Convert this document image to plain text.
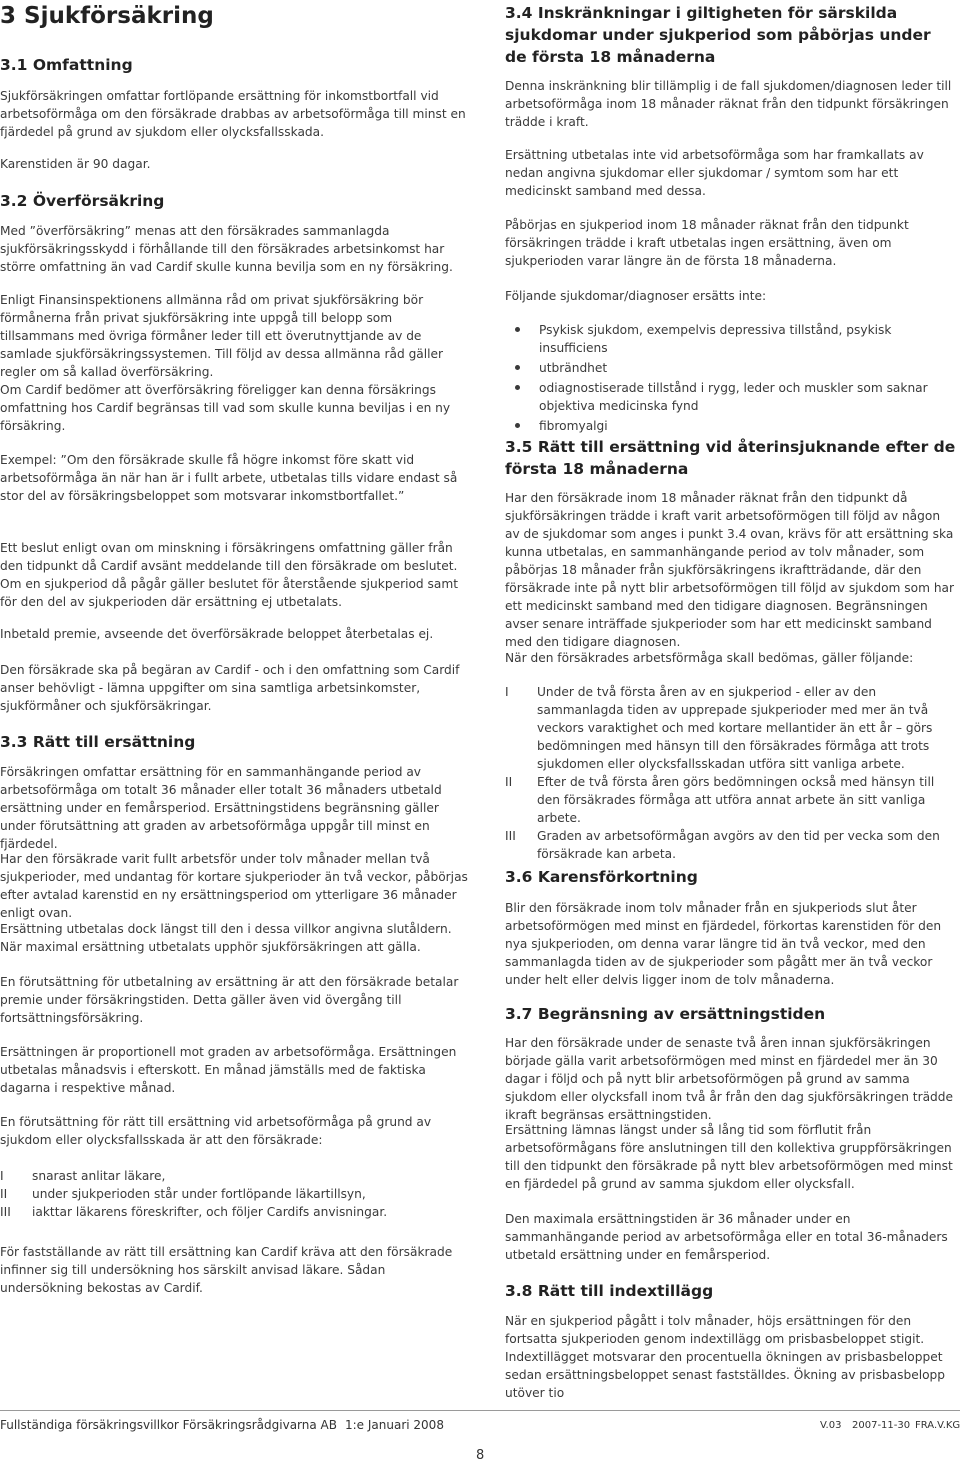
3 Sjukförsäkring
3.1 Omfattning

Sjukförsäkringen omfattar fortlöpande ersättning för inkomstbortfall vid arbetsoförmåga om den försäkrade drabbas av arbetsoförmåga till minst en fjärdedel på grund av sjukdom eller olycksfallsskada.

Karenstiden är 90 dagar.

3.2 Överförsäkring

Med ”överförsäkring” menas att den försäkrades sammanlagda sjukförsäkringsskydd i förhållande till den försäkrades arbetsinkomst har större omfattning än vad Cardif skulle kunna bevilja som en ny försäkring.

Enligt Finansinspektionens allmänna råd om privat sjukförsäkring bör förmånerna från privat sjukförsäkring inte uppgå till belopp som tillsammans med övriga förmåner leder till ett överutnyttjande av de samlade sjukförsäkringssystemen. Till följd av dessa allmänna råd gäller regler om så kallad överförsäkring.

Om Cardif bedömer att överförsäkring föreligger kan denna försäkrings omfattning hos Cardif begränsas till vad som skulle kunna beviljas i en ny försäkring.

Exempel: ”Om den försäkrade skulle få högre inkomst före skatt vid arbetsoförmåga än när han är i fullt arbete, utbetalas tills vidare endast så stor del av försäkringsbeloppet som motsvarar inkomstbortfallet.”

Ett beslut enligt ovan om minskning i försäkringens omfattning gäller från den tidpunkt då Cardif avsänt meddelande till den försäkrade om beslutet. Om en sjukperiod då pågår gäller beslutet för återstående sjukperiod samt för den del av sjukperioden där ersättning ej utbetalats.

Inbetald premie, avseende det överförsäkrade beloppet återbetalas ej.

Den försäkrade ska på begäran av Cardif - och i den omfattning som Cardif anser behövligt - lämna uppgifter om sina samtliga arbetsinkomster, sjukförmåner och sjukförsäkringar.

3.3 Rätt till ersättning

Försäkringen omfattar ersättning för en sammanhängande period av arbetsoförmåga om totalt 36 månader eller totalt 36 månaders utbetald ersättning under en femårsperiod. Ersättningstidens begränsning gäller under förutsättning att graden av arbetsoförmåga uppgår till minst en fjärdedel.

Har den försäkrade varit fullt arbetsför under tolv månader mellan två sjukperioder, med undantag för kortare sjukperioder än två veckor, påbörjas efter avtalad karenstid en ny ersättningsperiod om ytterligare 36 månader enligt ovan.

Ersättning utbetalas dock längst till den i dessa villkor angivna slutåldern. När maximal ersättning utbetalats upphör sjukförsäkringen att gälla.

En förutsättning för utbetalning av ersättning är att den försäkrade betalar premie under försäkringstiden. Detta gäller även vid övergång till fortsättningsförsäkring.

Ersättningen är proportionell mot graden av arbetsoförmåga. Ersättningen utbetalas månadsvis i efterskott. En månad jämställs med de faktiska dagarna i respektive månad.

En förutsättning för rätt till ersättning vid arbetsoförmåga på grund av sjukdom eller olycksfallsskada är att den försäkrade:

I	snarast anlitar läkare,
II	under sjukperioden står under fortlöpande läkartillsyn,
III	iakttar läkarens föreskrifter, och följer Cardifs anvisningar.

För fastställande av rätt till ersättning kan Cardif kräva att den försäkrade infinner sig till undersökning hos särskilt anvisad läkare. Sådan undersökning bekostas av Cardif.

3.4 Inskränkningar i giltigheten för särskilda sjukdomar under sjukperiod som påbörjas under de första 18 månaderna

Denna inskränkning blir tillämplig i de fall sjukdomen/diagnosen leder till arbetsoförmåga inom 18 månader räknat från den tidpunkt försäkringen trädde i kraft.

Ersättning utbetalas inte vid arbetsoförmåga som har framkallats av nedan angivna sjukdomar eller sjukdomar / symtom som har ett medicinskt samband med dessa.

Påbörjas en sjukperiod inom 18 månader räknat från den tidpunkt försäkringen trädde i kraft utbetalas ingen ersättning, även om sjukperioden varar längre än de första 18 månaderna.

Följande sjukdomar/diagnoser ersätts inte:

Psykisk sjukdom, exempelvis depressiva tillstånd, psykisk insufficiens
utbrändhet
odiagnostiserade tillstånd i rygg, leder och muskler som saknar objektiva medicinska fynd
fibromyalgi
3.5 Rätt till ersättning vid återinsjuknande efter de första 18 månaderna

Har den försäkrade inom 18 månader räknat från den tidpunkt då sjukförsäkringen trädde i kraft varit arbetsoförmögen till följd av någon av de sjukdomar som anges i punkt 3.4 ovan, krävs för att ersättning ska kunna utbetalas, en sammanhängande period av tolv månader, som påbörjas 18 månader från sjukförsäkringens ikraftträdande, där den försäkrade inte på nytt blir arbetsoförmögen till följd av sjukdom som har ett medicinskt samband med den tidigare diagnosen. Begränsningen avser senare inträffade sjukperioder som har ett medicinskt samband med den tidigare diagnosen.

När den försäkrades arbetsförmåga skall bedömas, gäller följande:

I	Under de två första åren av en sjukperiod - eller av den sammanlagda tiden av upprepade sjukperioder med mer än två veckors varaktighet och med kortare mellantider än ett år – görs bedömningen med hänsyn till den försäkrades förmåga att trots sjukdomen eller olycksfallsskadan utföra sitt vanliga arbete.
II	Efter de två första åren görs bedömningen också med hänsyn till den försäkrades förmåga att utföra annat arbete än sitt vanliga arbete.
III	Graden av arbetsoförmågan avgörs av den tid per vecka som den försäkrade kan arbeta.
3.6 Karensförkortning

Blir den försäkrade inom tolv månader från en sjukperiods slut åter arbetsoförmögen med minst en fjärdedel, förkortas karenstiden för den nya sjukperioden, om denna varar längre tid än två veckor, med den sammanlagda tiden av de sjukperioder som pågått mer än två veckor under helt eller delvis ligger inom de tolv månaderna.

3.7 Begränsning av ersättningstiden

Har den försäkrade under de senaste två åren innan sjukförsäkringen började gälla varit arbetsoförmögen med minst en fjärdedel mer än 30 dagar i följd och på nytt blir arbetsoförmögen på grund av samma sjukdom eller olycksfall inom två år från den dag sjukförsäkringen trädde ikraft begränsas ersättningstiden.

Ersättning lämnas längst under så lång tid som förflutit från arbetsoförmågans före anslutningen till den kollektiva gruppförsäkringen till den tidpunkt den försäkrade på nytt blev arbetsoförmögen med minst en fjärdedel på grund av samma sjukdom eller olycksfall.

Den maximala ersättningstiden är 36 månader under en sammanhängande period av arbetsoförmåga eller en total 36-månaders utbetald ersättning under en femårsperiod.

3.8 Rätt till indextillägg

När en sjukperiod pågått i tolv månader, höjs ersättningen för den fortsatta sjukperioden genom indextillägg om prisbasbeloppet stigit. Indextillägget motsvarar den procentuella ökningen av prisbasbeloppet sedan ersättningsbeloppet senast fastställdes. Ökning av prisbasbelopp utöver tio

Fullständiga försäkringsvillkor Försäkringsrådgivarna AB 1:e Januari 2008	V.03 2007-11-30 FRA.V.KG
8
